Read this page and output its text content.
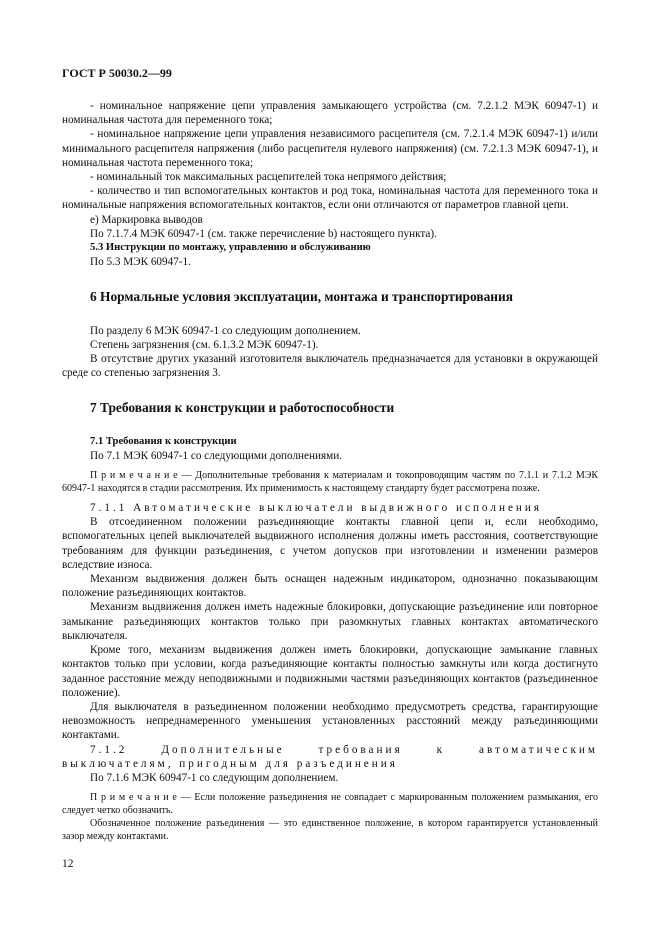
ГОСТ Р 50030.2—99

- номинальное напряжение цепи управления замыкающего устройства (см. 7.2.1.2 МЭК 60947-1) и номинальная частота для переменного тока;

- номинальное напряжение цепи управления независимого расцепителя (см. 7.2.1.4 МЭК 60947-1) и/или минимального расцепителя напряжения (либо расцепителя нулевого напряжения) (см. 7.2.1.3 МЭК 60947-1), и номинальная частота переменного тока;

- номинальный ток максимальных расцепителей тока непрямого действия;

- количество и тип вспомогательных контактов и род тока, номинальная частота для переменного тока и номинальные напряжения вспомогательных контактов, если они отличаются от параметров главной цепи.

е) Маркировка выводов

По 7.1.7.4 МЭК 60947-1 (см. также перечисление b) настоящего пункта).

5.3 Инструкции по монтажу, управлению и обслуживанию

По 5.3 МЭК 60947-1.

6 Нормальные условия эксплуатации, монтажа и транспортирования

По разделу 6 МЭК 60947-1 со следующим дополнением.

Степень загрязнения (см. 6.1.3.2 МЭК 60947-1).

В отсутствие других указаний изготовителя выключатель предназначается для установки в окружающей среде со степенью загрязнения 3.

7 Требования к конструкции и работоспособности

7.1 Требования к конструкции

По 7.1 МЭК 60947-1 со следующими дополнениями.

П р и м е ч а н и е — Дополнительные требования к материалам и токопроводящим частям по 7.1.1 и 7.1.2 МЭК 60947-1 находятся в стадии рассмотрения. Их применимость к настоящему стандарту будет рассмотрена позже.

7.1.1 Автоматические выключатели выдвижного исполнения

В отсоединенном положении разъединяющие контакты главной цепи и, если необходимо, вспомогательных цепей выключателей выдвижного исполнения должны иметь расстояния, соответствующие требованиям для функции разъединения, с учетом допусков при изготовлении и изменении размеров вследствие износа.

Механизм выдвижения должен быть оснащен надежным индикатором, однозначно показывающим положение разъединяющих контактов.

Механизм выдвижения должен иметь надежные блокировки, допускающие разъединение или повторное замыкание разъединяющих контактов только при разомкнутых главных контактах автоматического выключателя.

Кроме того, механизм выдвижения должен иметь блокировки, допускающие замыкание главных контактов только при условии, когда разъединяющие контакты полностью замкнуты или когда достигнуто заданное расстояние между неподвижными и подвижными частями разъединяющих контактов (разъединенное положение).

Для выключателя в разъединенном положении необходимо предусмотреть средства, гарантирующие невозможность непреднамеренного уменьшения установленных расстояний между разъединяющими контактами.

7.1.2 Дополнительные требования к автоматическим выключателям, пригодным для разъединения

По 7.1.6 МЭК 60947-1 со следующим дополнением.

П р и м е ч а н и е — Если положение разъединения не совпадает с маркированным положением размыкания, его следует четко обозначить.

Обозначенное положение разъединения — это единственное положение, в котором гарантируется установленный зазор между контактами.

12
